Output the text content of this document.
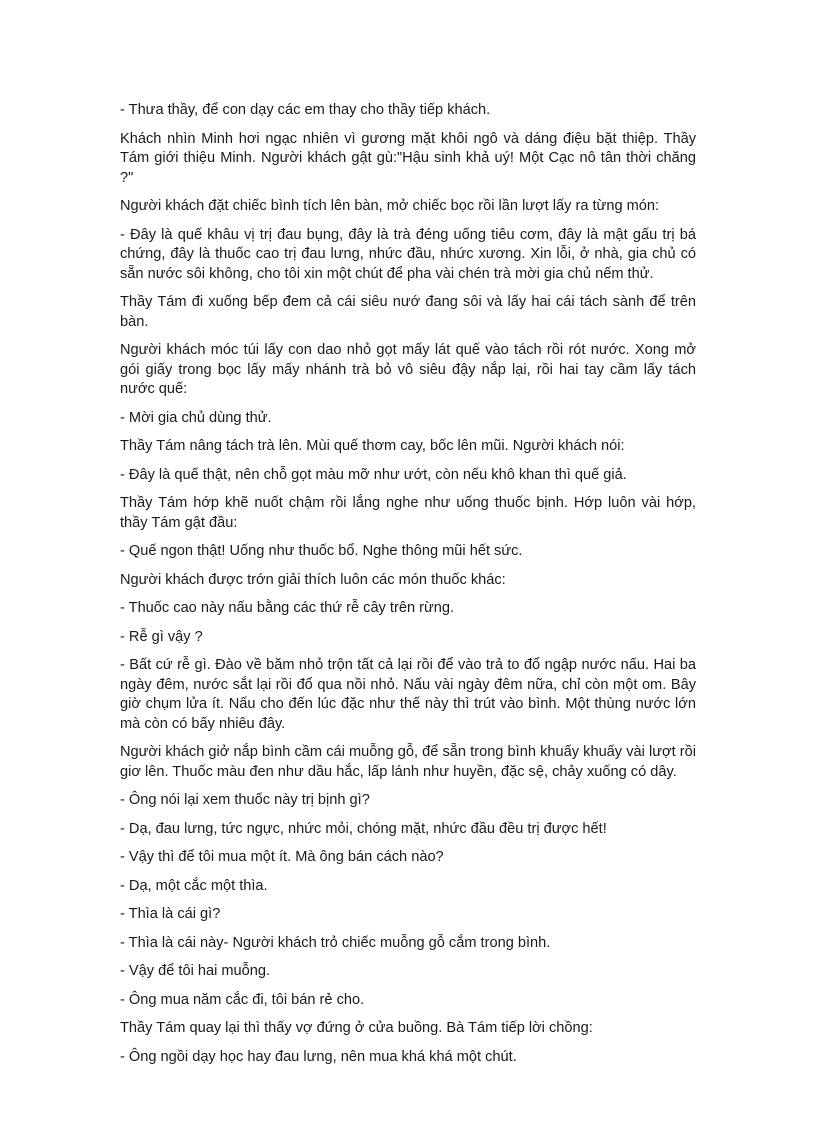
- Thưa thầy, để con dạy các em thay cho thầy tiếp khách.

Khách nhìn Minh hơi ngạc nhiên vì gương mặt khôi ngô và dáng điệu bặt thiệp. Thầy Tám giới thiệu Minh. Người khách gật gù:"Hậu sinh khả uý! Một Cạc nô tân thời chăng ?"

Người khách đặt chiếc bình tích lên bàn, mở chiếc bọc rồi lần lượt lấy ra từng món:

- Đây là quế khâu vị trị đau bụng, đây là trà đéng uống tiêu cơm, đây là mật gấu trị bá chứng, đây là thuốc cao trị đau lưng, nhức đầu, nhức xương. Xin lỗi, ở nhà, gia chủ có sẵn nước sôi không, cho tôi xin một chút để pha vài chén trà mời gia chủ nếm thử.

Thầy Tám đi xuống bếp đem cả cái siêu nướ đang sôi và lấy hai cái tách sành để trên bàn.

Người khách móc túi lấy con dao nhỏ gọt mấy lát quế vào tách rồi rót nước. Xong mở gói giấy trong bọc lấy mấy nhánh trà bỏ vô siêu đậy nắp lại, rồi hai tay cầm lấy tách nước quế:

- Mời gia chủ dùng thử.

Thầy Tám nâng tách trà lên. Mùi quế thơm cay, bốc lên mũi. Người khách nói:

- Đây là quế thật, nên chỗ gọt màu mỡ như ướt, còn nếu khô khan thì quế giả.

Thầy Tám hớp khẽ nuốt chậm rồi lắng nghe như uống thuốc bịnh. Hớp luôn vài hớp, thầy Tám gật đầu:

- Quế ngon thật! Uống như thuốc bổ. Nghe thông mũi hết sức.

Người khách được trớn giải thích luôn các món thuốc khác:

- Thuốc cao này nấu bằng các thứ rễ cây trên rừng.

- Rễ gì vậy ?

- Bất cứ rễ gì. Đào về băm nhỏ trộn tất cả lại rồi để vào trả to đổ ngập nước nấu. Hai ba ngày đêm, nước sắt lại rồi đổ qua nồi nhỏ. Nấu vài ngày đêm nữa, chỉ còn một om. Bây giờ chụm lửa ít. Nấu cho đến lúc đặc như thế này thì trút vào bình. Một thùng nước lớn mà còn có bấy nhiêu đây.

Người khách giở nắp bình cầm cái muỗng gỗ, để sẵn trong bình khuấy khuấy vài lượt rồi giơ lên. Thuốc màu đen như dầu hắc, lấp lánh như huyền, đặc sệ, chảy xuống có dây.

- Ông nói lại xem thuốc này trị bịnh gì?

- Dạ, đau lưng, tức ngực, nhức mỏi, chóng mặt, nhức đầu đều trị được hết!

- Vậy thì để tôi mua một ít. Mà ông bán cách nào?

- Dạ, một cắc một thìa.

- Thìa là cái gì?

- Thìa là cái này- Người khách trỏ chiếc muỗng gỗ cắm trong bình.

- Vậy để tôi hai muỗng.

- Ông mua năm cắc đi, tôi bán rẻ cho.

Thầy Tám quay lại thì thấy vợ đứng ở cửa buồng. Bà Tám tiếp lời chồng:

- Ông ngồi dạy học hay đau lưng, nên mua khá khá một chút.
